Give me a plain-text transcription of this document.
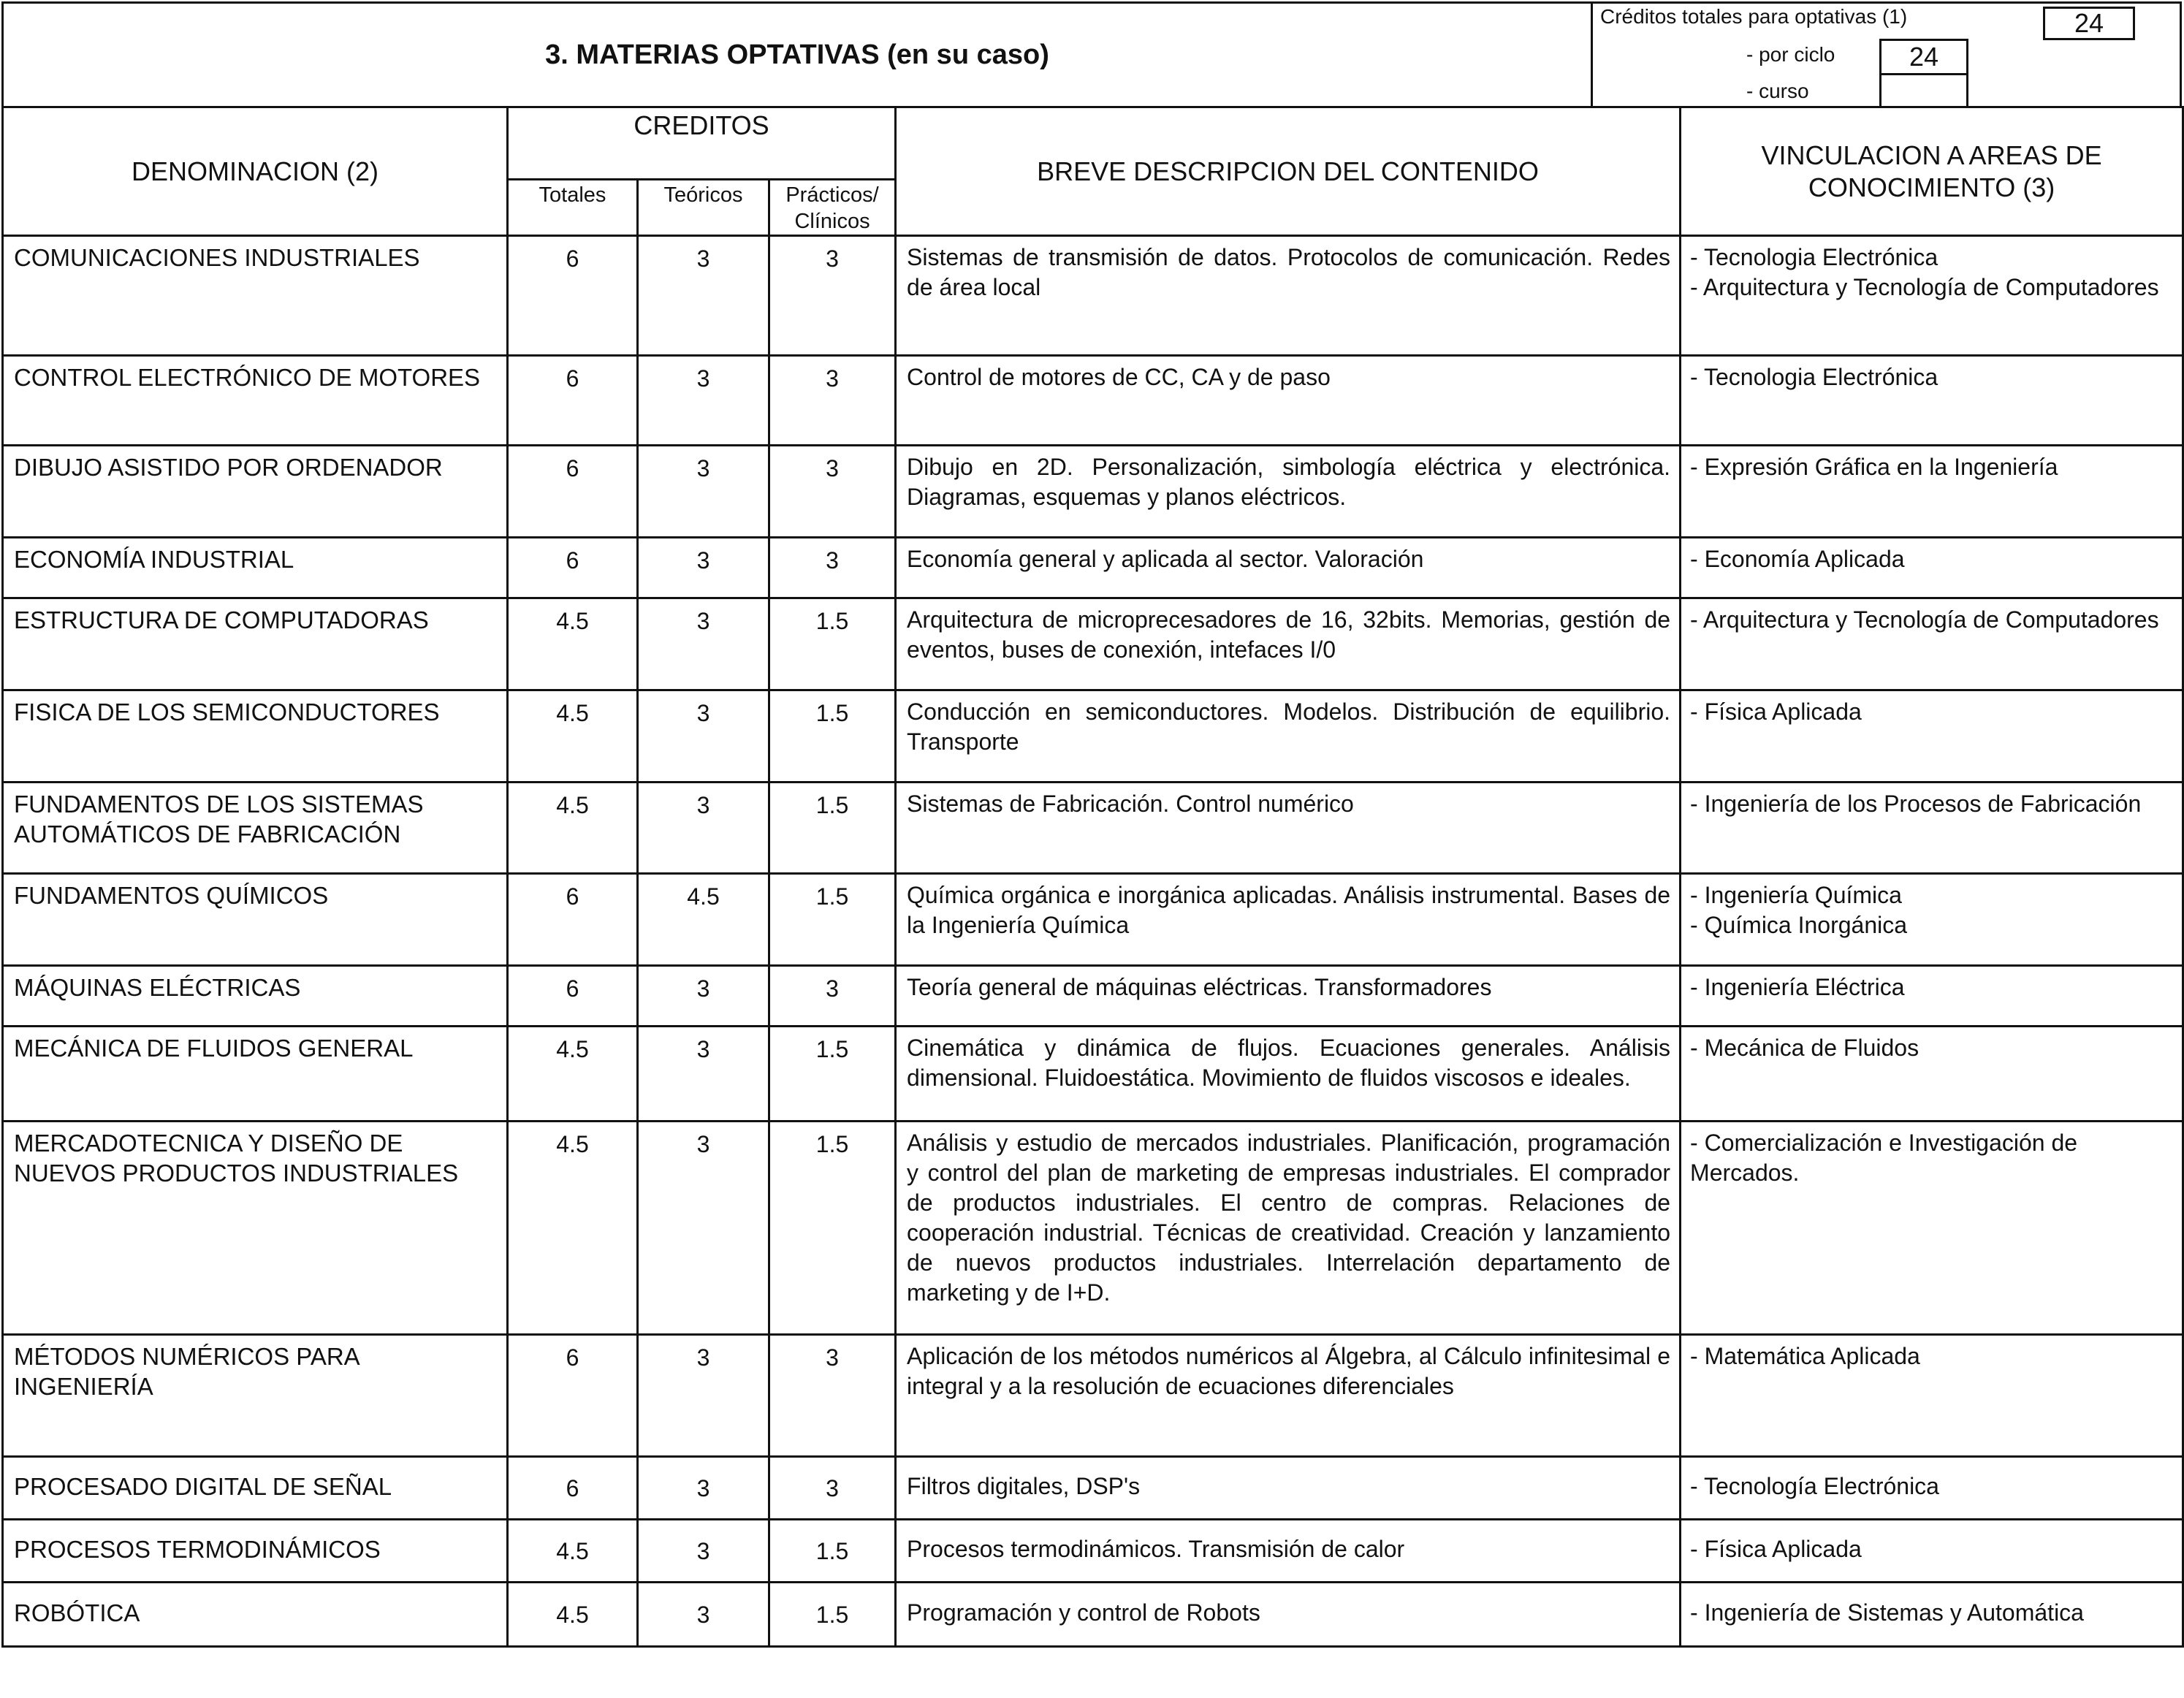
3. MATERIAS OPTATIVAS (en su caso)
Créditos totales para optativas (1)	24
- por ciclo	24
- curso
DENOMINACION (2)	CREDITOS			BREVE DESCRIPCION DEL CONTENIDO	VINCULACION A AREAS DE CONOCIMIENTO (3)
	Totales	Teóricos	Prácticos/ Clínicos		
COMUNICACIONES INDUSTRIALES	6	3	3	Sistemas de transmisión de datos. Protocolos de comunicación. Redes de área local	- Tecnologia Electrónica
- Arquitectura y Tecnología de Computadores

CONTROL ELECTRÓNICO DE MOTORES	6	3	3	Control de motores de CC, CA y de paso	- Tecnologia Electrónica

DIBUJO ASISTIDO POR ORDENADOR	6	3	3	Dibujo en 2D. Personalización, simbología eléctrica y electrónica. Diagramas, esquemas y planos eléctricos.	- Expresión Gráfica en la Ingeniería

ECONOMÍA INDUSTRIAL	6	3	3	Economía general y aplicada al sector. Valoración	- Economía Aplicada

ESTRUCTURA DE COMPUTADORAS	4.5	3	1.5	Arquitectura de microprecesadores de 16, 32bits. Memorias, gestión de eventos, buses de conexión, intefaces I/0	- Arquitectura y Tecnología de Computadores

FISICA DE LOS SEMICONDUCTORES	4.5	3	1.5	Conducción en semiconductores. Modelos. Distribución de equilibrio. Transporte	- Física Aplicada

FUNDAMENTOS DE LOS SISTEMAS AUTOMÁTICOS DE FABRICACIÓN	4.5	3	1.5	Sistemas de Fabricación. Control numérico	- Ingeniería de los Procesos de Fabricación

FUNDAMENTOS QUÍMICOS	6	4.5	1.5	Química orgánica e inorgánica aplicadas. Análisis instrumental. Bases de la Ingeniería Química	- Ingeniería Química
- Química Inorgánica

MÁQUINAS ELÉCTRICAS	6	3	3	Teoría general de máquinas eléctricas. Transformadores	- Ingeniería Eléctrica

MECÁNICA DE FLUIDOS GENERAL	4.5	3	1.5	Cinemática y dinámica de flujos. Ecuaciones generales. Análisis dimensional. Fluidoestática. Movimiento de fluidos viscosos e ideales.	- Mecánica de Fluidos

MERCADOTECNICA Y DISEÑO DE NUEVOS PRODUCTOS INDUSTRIALES	4.5	3	1.5	Análisis y estudio de mercados industriales. Planificación, programación y control del plan de marketing de empresas industriales. El comprador de productos industriales. El centro de compras. Relaciones de cooperación industrial. Técnicas de creatividad. Creación y lanzamiento de nuevos productos industriales. Interrelación departamento de marketing y de I+D.	- Comercialización e Investigación de Mercados.

MÉTODOS NUMÉRICOS PARA INGENIERÍA	6	3	3	Aplicación de los métodos numéricos al Álgebra, al Cálculo infinitesimal e integral y a la resolución de ecuaciones diferenciales	- Matemática Aplicada

PROCESADO DIGITAL DE SEÑAL	6	3	3	Filtros digitales, DSP's	- Tecnología Electrónica

PROCESOS TERMODINÁMICOS	4.5	3	1.5	Procesos termodinámicos. Transmisión de calor	- Física Aplicada

ROBÓTICA	4.5	3	1.5	Programación y control de Robots	- Ingeniería de Sistemas y Automática
